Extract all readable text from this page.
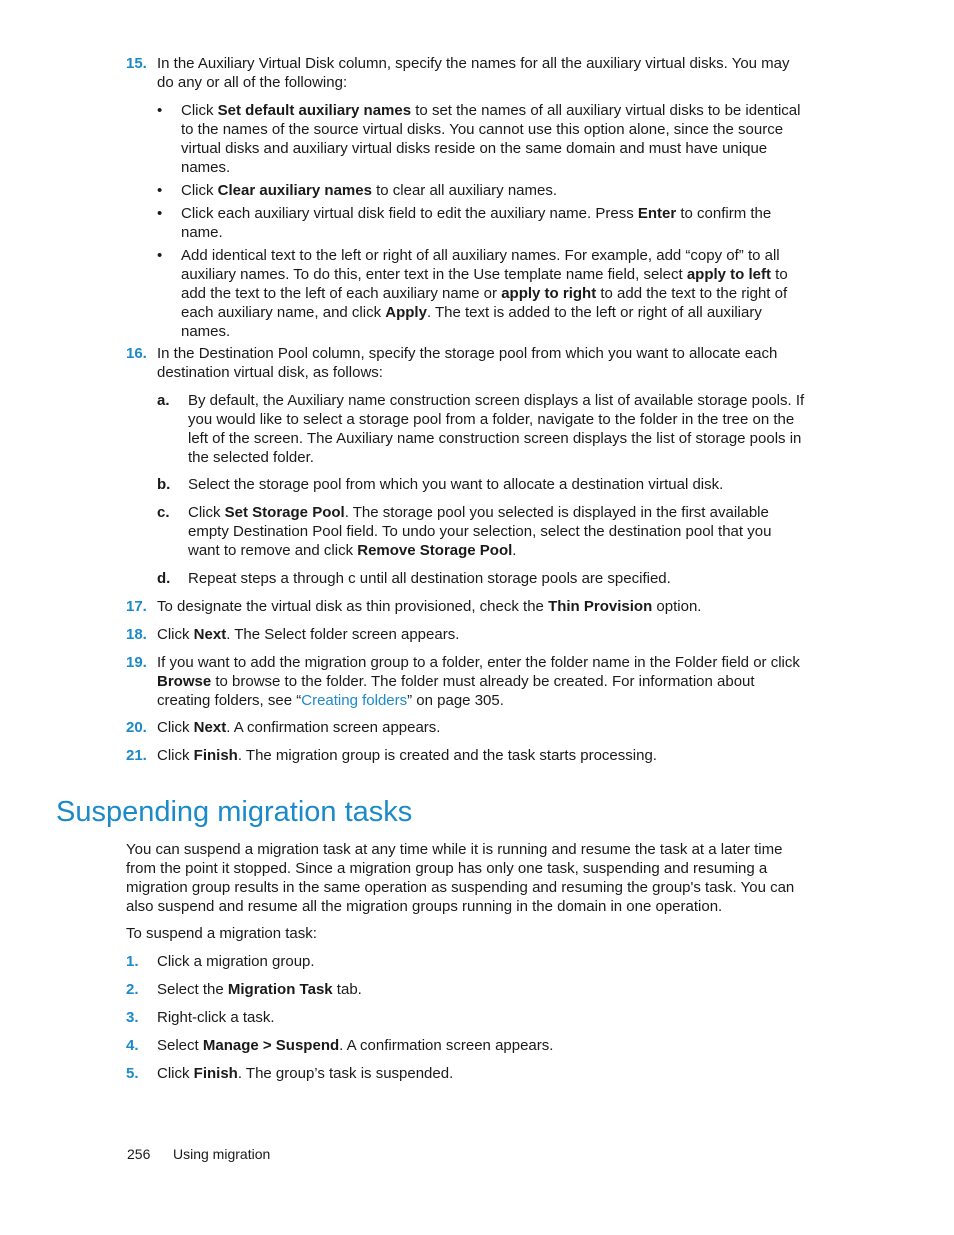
15. In the Auxiliary Virtual Disk column, specify the names for all the auxiliary virtual disks. You may do any or all of the following:
• Click Set default auxiliary names to set the names of all auxiliary virtual disks to be identical to the names of the source virtual disks. You cannot use this option alone, since the source virtual disks and auxiliary virtual disks reside on the same domain and must have unique names.
• Click Clear auxiliary names to clear all auxiliary names.
• Click each auxiliary virtual disk field to edit the auxiliary name. Press Enter to confirm the name.
• Add identical text to the left or right of all auxiliary names. For example, add “copy of” to all auxiliary names. To do this, enter text in the Use template name field, select apply to left to add the text to the left of each auxiliary name or apply to right to add the text to the right of each auxiliary name, and click Apply. The text is added to the left or right of all auxiliary names.
16. In the Destination Pool column, specify the storage pool from which you want to allocate each destination virtual disk, as follows:
a. By default, the Auxiliary name construction screen displays a list of available storage pools. If you would like to select a storage pool from a folder, navigate to the folder in the tree on the left of the screen. The Auxiliary name construction screen displays the list of storage pools in the selected folder.
b. Select the storage pool from which you want to allocate a destination virtual disk.
c. Click Set Storage Pool. The storage pool you selected is displayed in the first available empty Destination Pool field. To undo your selection, select the destination pool that you want to remove and click Remove Storage Pool.
d. Repeat steps a through c until all destination storage pools are specified.
17. To designate the virtual disk as thin provisioned, check the Thin Provision option.
18. Click Next. The Select folder screen appears.
19. If you want to add the migration group to a folder, enter the folder name in the Folder field or click Browse to browse to the folder. The folder must already be created. For information about creating folders, see “Creating folders” on page 305.
20. Click Next. A confirmation screen appears.
21. Click Finish. The migration group is created and the task starts processing.
Suspending migration tasks
You can suspend a migration task at any time while it is running and resume the task at a later time from the point it stopped. Since a migration group has only one task, suspending and resuming a migration group results in the same operation as suspending and resuming the group's task. You can also suspend and resume all the migration groups running in the domain in one operation.
To suspend a migration task:
1. Click a migration group.
2. Select the Migration Task tab.
3. Right-click a task.
4. Select Manage > Suspend. A confirmation screen appears.
5. Click Finish. The group’s task is suspended.
256 Using migration
